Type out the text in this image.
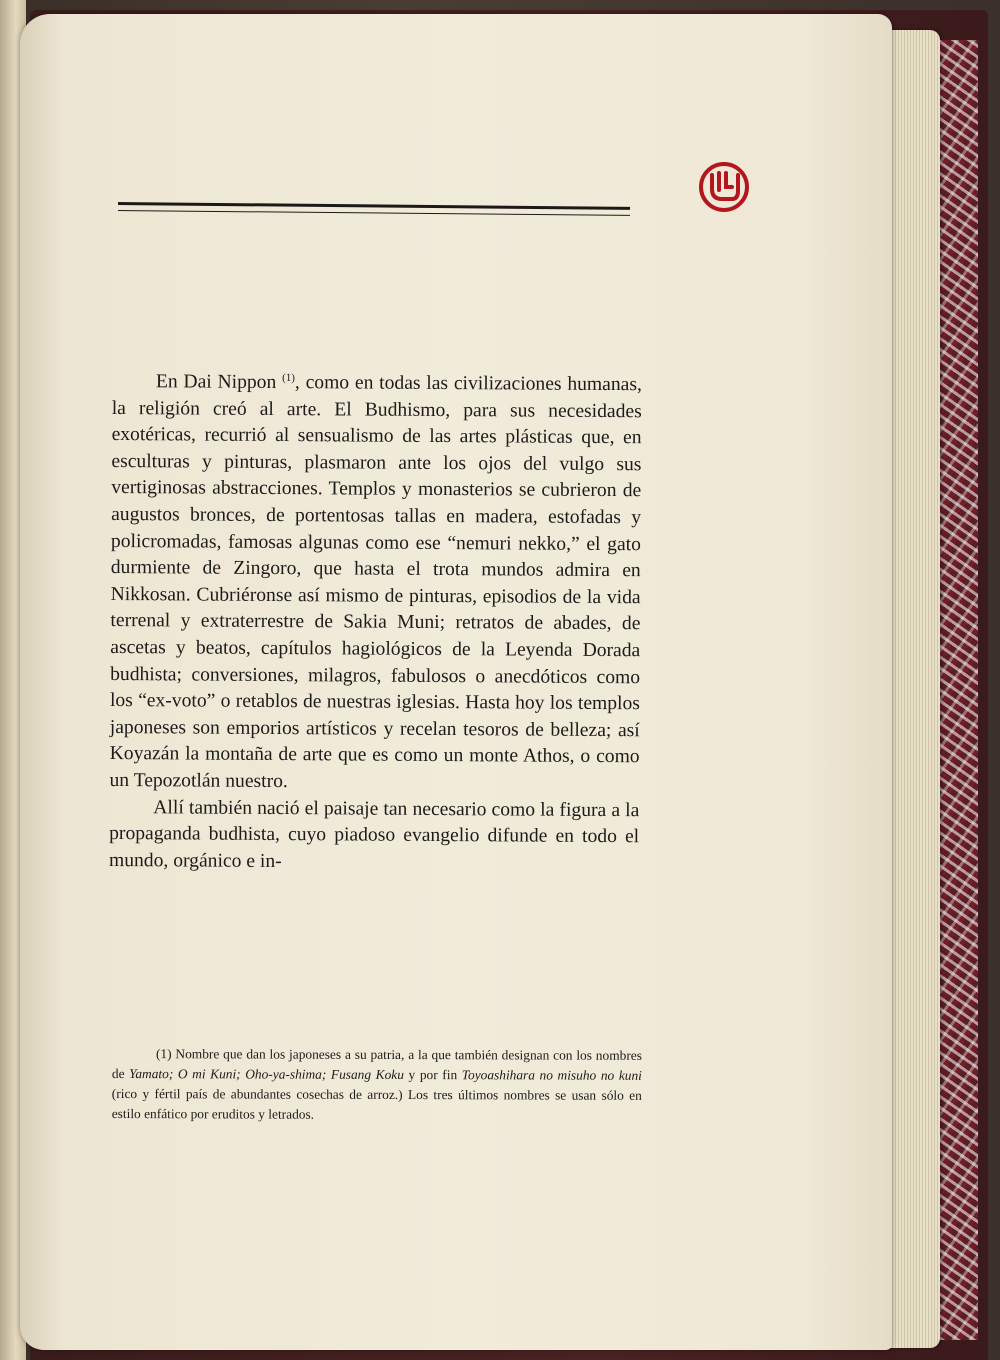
En Dai Nippon $^{(1)}$, como en todas las civilizaciones humanas, la religión creó al arte. El Budhismo, para sus necesidades exotéricas, recurrió al sensualismo de las artes plásticas que, en esculturas y pinturas, plasmaron ante los ojos del vulgo sus vertiginosas abstracciones. Templos y monasterios se cubrieron de augustos bronces, de portentosas tallas en madera, estofadas y policromadas, famosas algunas como ese “nemuri nekko,” el gato durmiente de Zingoro, que hasta el trota mundos admira en Nikkosan. Cubriéronse así mismo de pinturas, episodios de la vida terrenal y extraterrestre de Sakia Muni; retratos de abades, de ascetas y beatos, capítulos hagiológicos de la Leyenda Dorada budhista; conversiones, milagros, fabulosos o anecdóticos como los “ex-voto” o retablos de nuestras iglesias. Hasta hoy los templos japoneses son emporios artísticos y recelan tesoros de belleza; así Koyazán la montaña de arte que es como un monte Athos, o como un Tepozotlán nuestro.

Allí también nació el paisaje tan necesario como la figura a la propaganda budhista, cuyo piadoso evangelio difunde en todo el mundo, orgánico e in-

(1) Nombre que dan los japoneses a su patria, a la que también designan con los nombres de Yamato; O mi Kuni; Oho-ya-shima; Fusang Koku y por fin Toyoashihara no misuho no kuni (rico y fértil país de abundantes cosechas de arroz.) Los tres últimos nombres se usan sólo en estilo enfático por eruditos y letrados.
